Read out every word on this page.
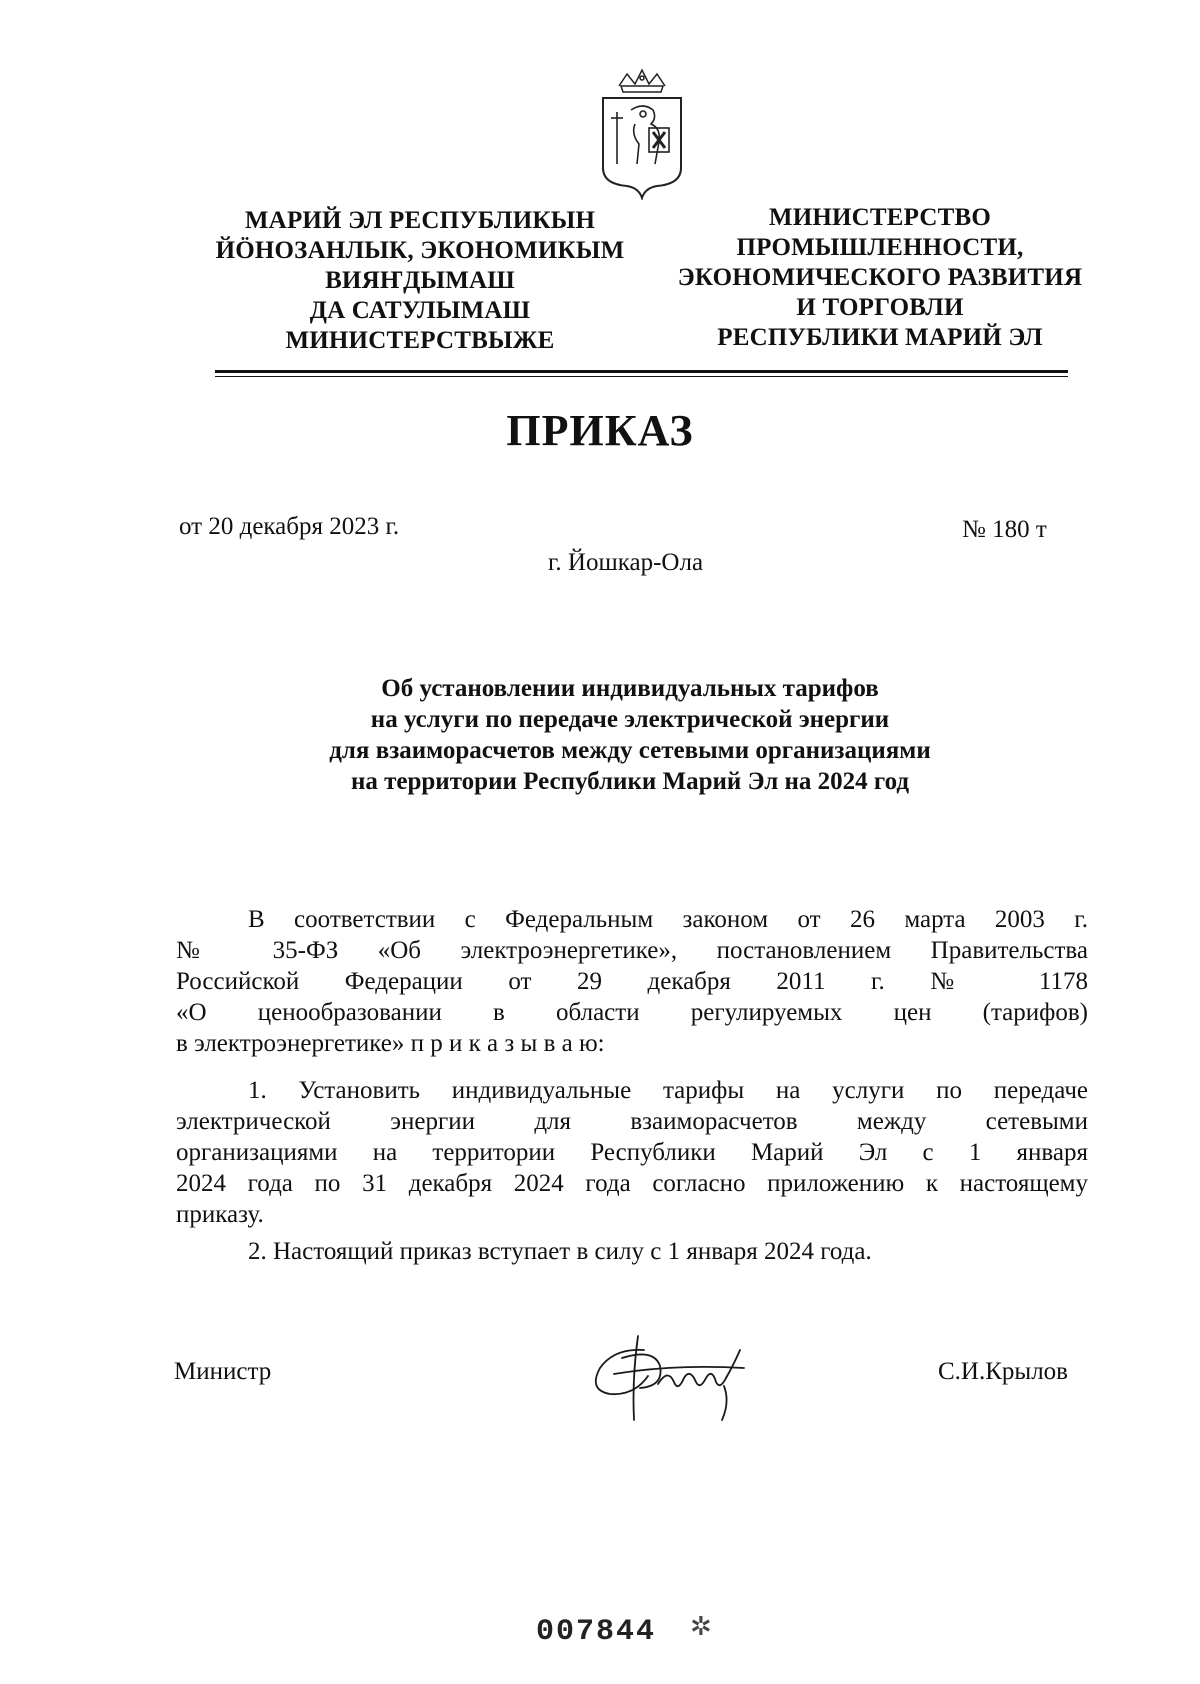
МАРИЙ ЭЛ РЕСПУБЛИКЫН
ЙӦНОЗАНЛЫК, ЭКОНОМИКЫМ
ВИЯҤДЫМАШ
ДА САТУЛЫМАШ
МИНИСТЕРСТВЫЖЕ
МИНИСТЕРСТВО
ПРОМЫШЛЕННОСТИ,
ЭКОНОМИЧЕСКОГО РАЗВИТИЯ
И ТОРГОВЛИ
РЕСПУБЛИКИ МАРИЙ ЭЛ
ПРИКАЗ
от 20 декабря 2023 г.	№ 180 т
г. Йошкар-Ола
Об установлении индивидуальных тарифов
на услуги по передаче электрической энергии
для взаиморасчетов между сетевыми организациями
на территории Республики Марий Эл на 2024 год
В соответствии с Федеральным законом от 26 марта 2003 г.
№ 35-ФЗ «Об электроэнергетике», постановлением Правительства
Российской Федерации от 29 декабря 2011 г. № 1178
«О ценообразовании в области регулируемых цен (тарифов)
в электроэнергетике» п р и к а з ы в а ю:
1. Установить индивидуальные тарифы на услуги по передаче
электрической энергии для взаиморасчетов между сетевыми
организациями на территории Республики Марий Эл с 1 января
2024 года по 31 декабря 2024 года согласно приложению к настоящему
приказу.
2. Настоящий приказ вступает в силу с 1 января 2024 года.
Министр	С.И.Крылов
007844 ✲
